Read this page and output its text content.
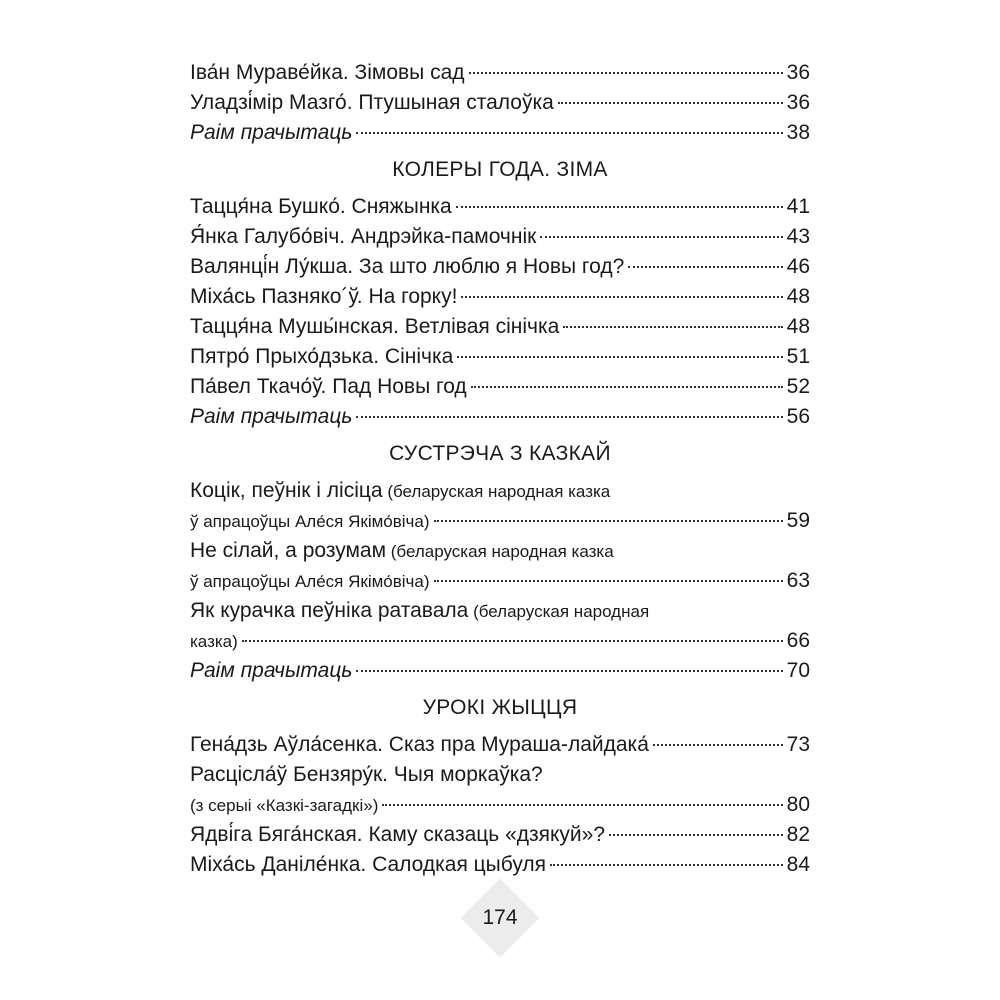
Іва́н Мураве́йка. Зімовы сад	36
Уладзі́мір Мазго́. Птушыная сталоўка	36
Раім прачытаць	38
КОЛЕРЫ ГОДА. ЗІМА
Тацця́на Бушко́. Сняжынка	41
Я́нка Галубо́віч. Андрэйка-памочнік	43
Валянці́н Лу́кша. За што люблю я Новы год?	46
Міха́сь Пазнякo´ў. На горку!	48
Тацця́на Мушы́нская. Ветлівая сінічка	48
Пятро́ Прыхо́дзька. Сінічка	51
Па́вел Ткачо́ў. Пад Новы год	52
Раім прачытаць	56
СУСТРЭЧА З КАЗКАЙ
Коцік, пеўнік і лісіца (беларуская народная казка
ў апрацоўцы Але́ся Якімо́віча)	59
Не сілай, а розумам (беларуская народная казка
ў апрацоўцы Але́ся Якімо́віча)	63
Як курачка пеўніка ратавала (беларуская народная
казка)	66
Раім прачытаць	70
УРОКІ ЖЫЦЦЯ
Гена́дзь Аўла́сенка. Сказ пра Мураша-лайдака́	73
Расціcла́ў Бензяру́к. Чыя моркаўка?
(з серыі «Казкі-загадкі»)	80
Ядві́га Бяга́нская. Каму сказаць «дзякуй»?	82
Міха́сь Даніле́нка. Салодкая цыбуля	84
174
